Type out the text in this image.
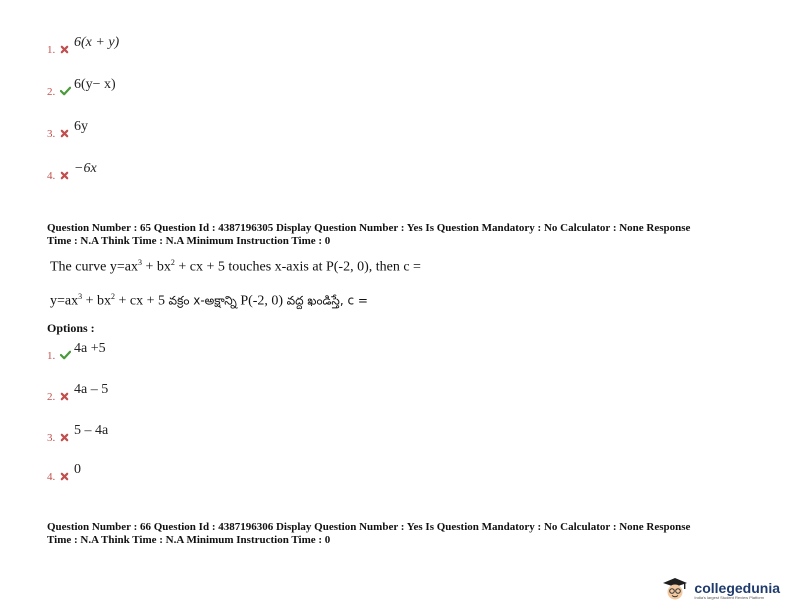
1.	6(x + y)
2.	6(y− x)
3.	6y
4.	−6x
Question Number : 65 Question Id : 4387196305 Display Question Number : Yes Is Question Mandatory : No Calculator : None Response
Time : N.A Think Time : N.A Minimum Instruction Time : 0
The curve $y=ax^3 + bx^2$ + cx + 5 touches x-axis at P(-2, 0), then c =
$y=ax^3 + bx^2$ + cx + 5 వక్రం x-అక్షాన్ని P(-2, 0) వద్ద ఖండిస్తే, c =
Options :
1.	4a +5
2.	4a – 5
3.	5 – 4a
4.	0
Question Number : 66 Question Id : 4387196306 Display Question Number : Yes Is Question Mandatory : No Calculator : None Response
Time : N.A Think Time : N.A Minimum Instruction Time : 0
collegedunia
India's largest Student Review Platform
